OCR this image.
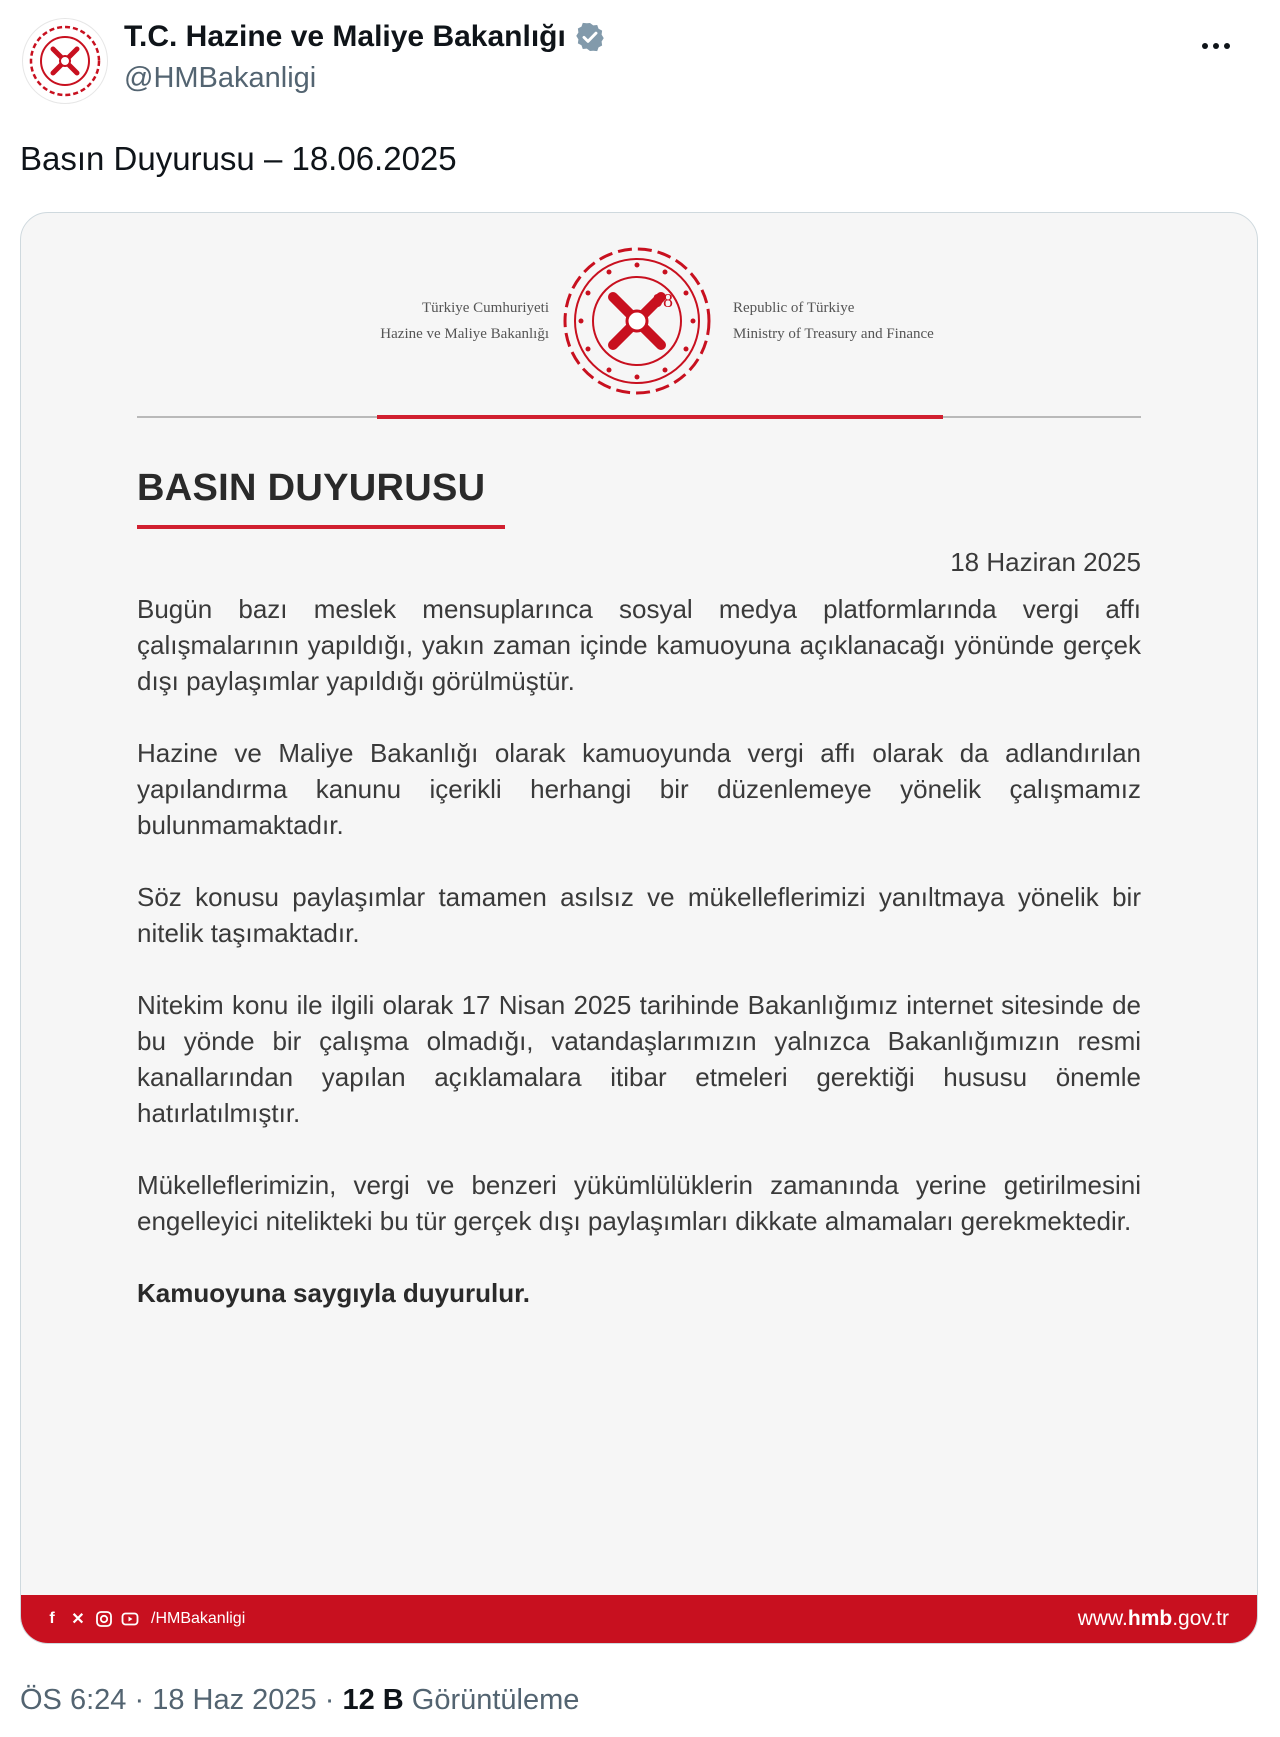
T.C. Hazine ve Maliye Bakanlığı
@HMBakanligi
Basın Duyurusu – 18.06.2025
Türkiye Cumhuriyeti
Hazine ve Maliye Bakanlığı
98	Republic of Türkiye
Ministry of Treasury and Finance
BASIN DUYURUSU
18 Haziran 2025

Bugün bazı meslek mensuplarınca sosyal medya platformlarında vergi affı çalışmalarının yapıldığı, yakın zaman içinde kamuoyuna açıklanacağı yönünde gerçek dışı paylaşımlar yapıldığı görülmüştür.

Hazine ve Maliye Bakanlığı olarak kamuoyunda vergi affı olarak da adlandırılan yapılandırma kanunu içerikli herhangi bir düzenlemeye yönelik çalışmamız bulunmamaktadır.

Söz konusu paylaşımlar tamamen asılsız ve mükelleflerimizi yanıltmaya yönelik bir nitelik taşımaktadır.

Nitekim konu ile ilgili olarak 17 Nisan 2025 tarihinde Bakanlığımız internet sitesinde de bu yönde bir çalışma olmadığı, vatandaşlarımızın yalnızca Bakanlığımızın resmi kanallarından yapılan açıklamalara itibar etmeleri gerektiği hususu önemle hatırlatılmıştır.

Mükelleflerimizin, vergi ve benzeri yükümlülüklerin zamanında yerine getirilmesini engelleyici nitelikteki bu tür gerçek dışı paylaşımları dikkate almamaları gerekmektedir.

Kamuoyuna saygıyla duyurulur.

f	✕	/HMBakanligi	www.hmb.gov.tr
ÖS 6:24 · 18 Haz 2025 · 12 B Görüntüleme
